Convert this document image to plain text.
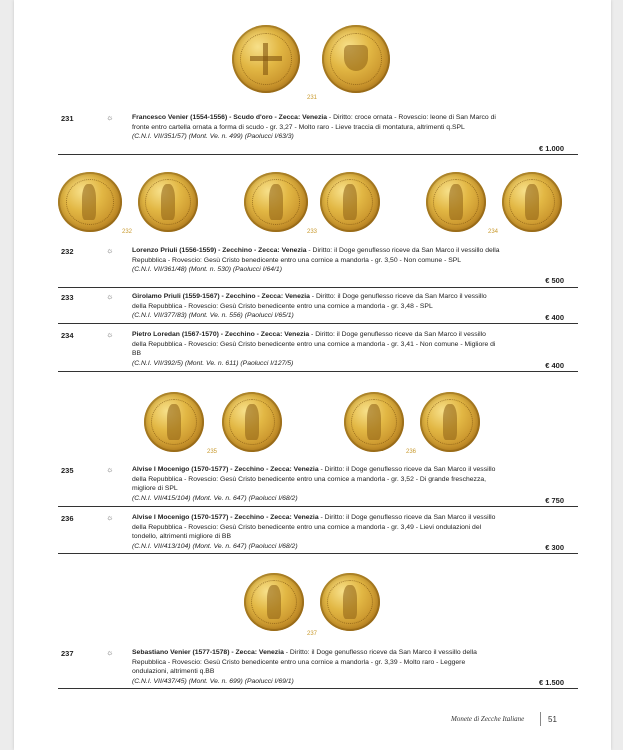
231
231	☼	Francesco Venier (1554-1556) - Scudo d'oro - Zecca: Venezia - Diritto: croce ornata - Rovescio: leone di San Marco di fronte entro cartella ornata a forma di scudo - gr. 3,27 - Molto raro - Lieve traccia di montatura, altrimenti q.SPL
(C.N.I. VII/351/57) (Mont. Ve. n. 499) (Paolucci I/63/3)
€ 1.000
232	233	234
232	☼	Lorenzo Priuli (1556-1559) - Zecchino - Zecca: Venezia - Diritto: il Doge genuflesso riceve da San Marco il vessillo della Repubblica - Rovescio: Gesù Cristo benedicente entro una cornice a mandorla - gr. 3,50 - Non comune - SPL
(C.N.I. VII/361/48) (Mont. n. 530) (Paolucci I/64/1)
€ 500
233	☼	Girolamo Priuli (1559-1567) - Zecchino - Zecca: Venezia - Diritto: il Doge genuflesso riceve da San Marco il vessillo della Repubblica - Rovescio: Gesù Cristo benedicente entro una cornice a mandorla - gr. 3,48 - SPL
(C.N.I. VII/377/83) (Mont. Ve. n. 556) (Paolucci I/65/1)	€ 400
234	☼	Pietro Loredan (1567-1570) - Zecchino - Zecca: Venezia - Diritto: il Doge genuflesso riceve da San Marco il vessillo della Repubblica - Rovescio: Gesù Cristo benedicente entro una cornice a mandorla - gr. 3,41 - Non comune - Migliore di BB
(C.N.I. VII/392/5) (Mont. Ve. n. 611) (Paolucci I/127/5)	€ 400
235	236
235	☼	Alvise I Mocenigo (1570-1577) - Zecchino - Zecca: Venezia - Diritto: il Doge genuflesso riceve da San Marco il vessillo della Repubblica - Rovescio: Gesù Cristo benedicente entro una cornice a mandorla - gr. 3,52 - Di grande freschezza, migliore di SPL
(C.N.I. VII/415/104) (Mont. Ve. n. 647) (Paolucci I/68/2)	€ 750
236	☼	Alvise I Mocenigo (1570-1577) - Zecchino - Zecca: Venezia - Diritto: il Doge genuflesso riceve da San Marco il vessillo della Repubblica - Rovescio: Gesù Cristo benedicente entro una cornice a mandorla - gr. 3,49 - Lievi ondulazioni del tondello, altrimenti migliore di BB
(C.N.I. VII/413/104) (Mont. Ve. n. 647) (Paolucci I/68/2)	€ 300
237
237	☼	Sebastiano Venier (1577-1578) - Zecca: Venezia - Diritto: il Doge genuflesso riceve da San Marco il vessillo della Repubblica - Rovescio: Gesù Cristo benedicente entro una cornice a mandorla - gr. 3,39 - Molto raro - Leggere ondulazioni, altrimenti q.BB
(C.N.I. VII/437/45) (Mont. Ve. n. 699) (Paolucci I/69/1)	€ 1.500
Monete di Zecche Italiane	51
